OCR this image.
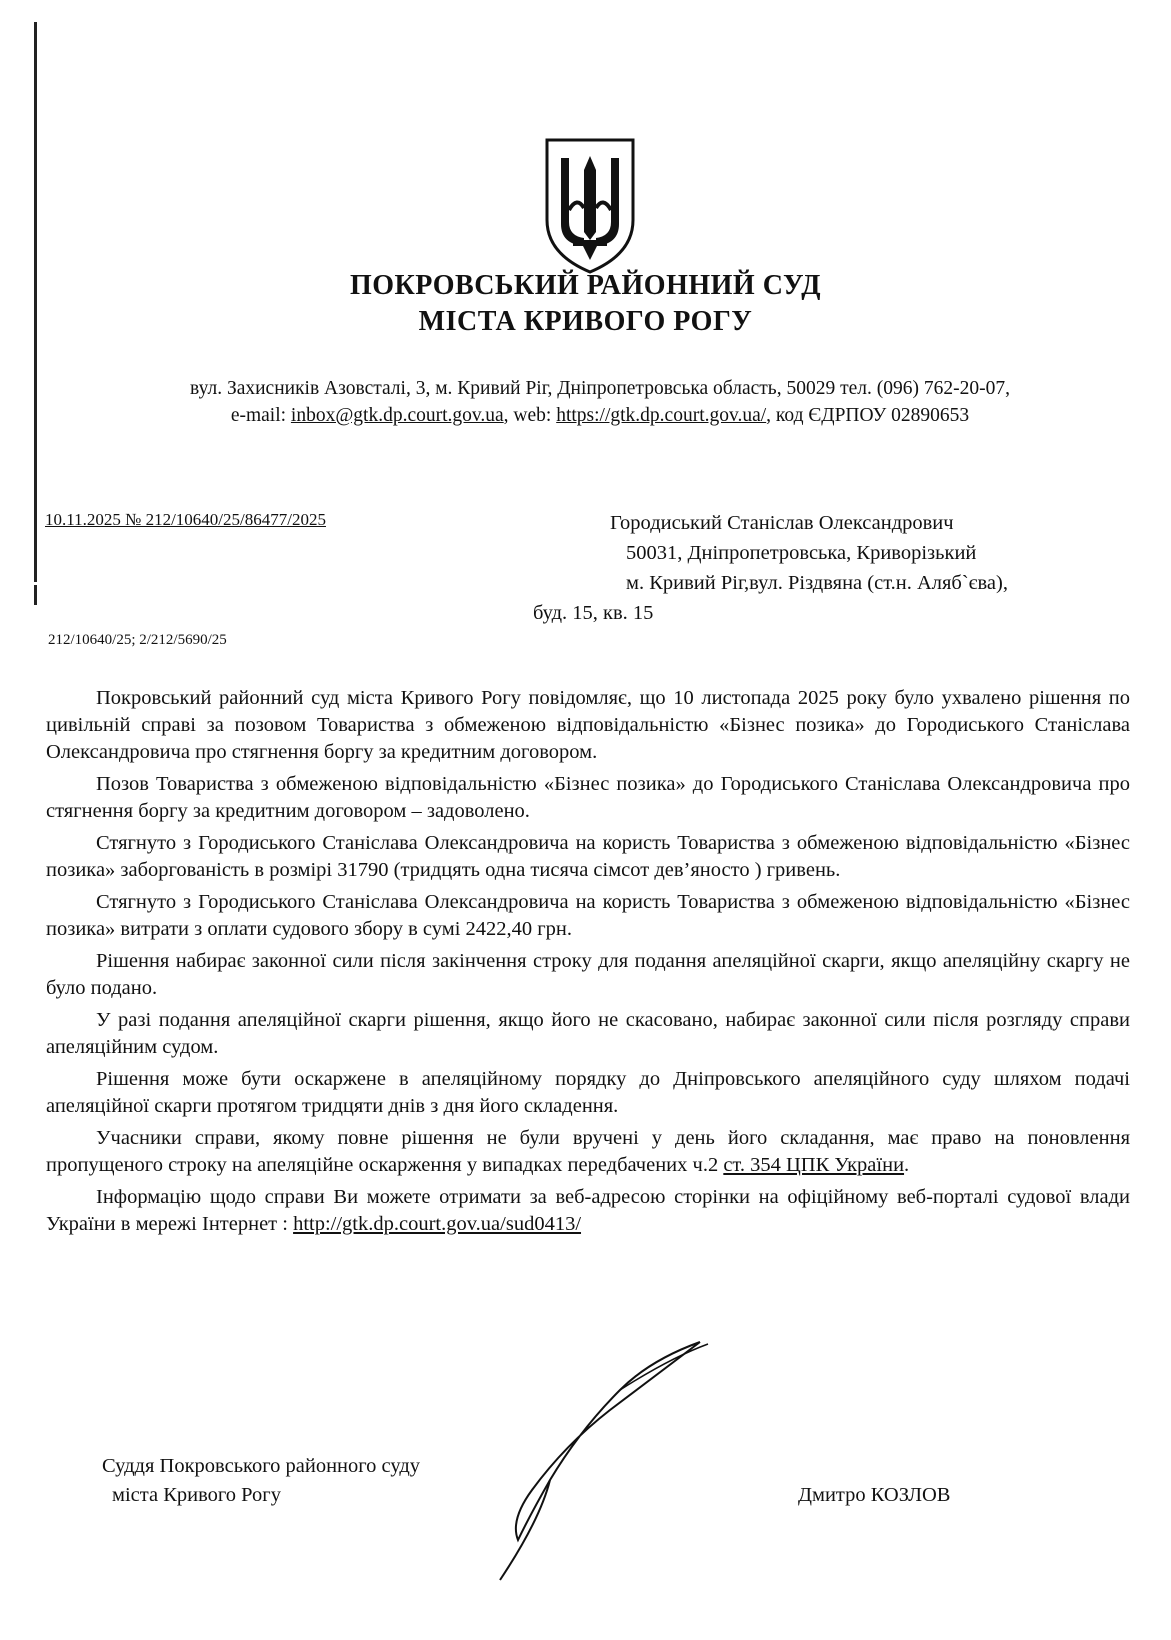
ПОКРОВСЬКИЙ РАЙОННИЙ СУД
МІСТА КРИВОГО РОГУ
вул. Захисників Азовсталі, 3, м. Кривий Ріг, Дніпропетровська область, 50029 тел. (096) 762-20-07,
e-mail: inbox@gtk.dp.court.gov.ua, web: https://gtk.dp.court.gov.ua/, код ЄДРПОУ 02890653
10.11.2025 № 212/10640/25/86477/2025
212/10640/25; 2/212/5690/25
Городиський Станіслав Олександрович
50031, Дніпропетровська, Криворізький
м. Кривий Ріг,вул. Різдвяна (ст.н. Аляб`єва),
буд. 15, кв. 15

Покровський районний суд міста Кривого Рогу повідомляє, що 10 листопада 2025 року було ухвалено рішення по цивільній справі за позовом Товариства з обмеженою відповідальністю «Бізнес позика» до Городиського Станіслава Олександровича про стягнення боргу за кредитним договором.

Позов Товариства з обмеженою відповідальністю «Бізнес позика» до Городиського Станіслава Олександровича про стягнення боргу за кредитним договором – задоволено.

Стягнуто з Городиського Станіслава Олександровича на користь Товариства з обмеженою відповідальністю «Бізнес позика» заборгованість в розмірі 31790 (тридцять одна тисяча сімсот дев’яносто ) гривень.

Стягнуто з Городиського Станіслава Олександровича на користь Товариства з обмеженою відповідальністю «Бізнес позика» витрати з оплати судового збору в сумі 2422,40 грн.

Рішення набирає законної сили після закінчення строку для подання апеляційної скарги, якщо апеляційну скаргу не було подано.

У разі подання апеляційної скарги рішення, якщо його не скасовано, набирає законної сили після розгляду справи апеляційним судом.

Рішення може бути оскаржене в апеляційному порядку до Дніпровського апеляційного суду шляхом подачі апеляційної скарги протягом тридцяти днів з дня його складення.

Учасники справи, якому повне рішення не були вручені у день його складання, має право на поновлення пропущеного строку на апеляційне оскарження у випадках передбачених ч.2 ст. 354 ЦПК України.

Інформацію щодо справи Ви можете отримати за веб-адресою сторінки на офіційному веб-порталі судової влади України в мережі Інтернет : http://gtk.dp.court.gov.ua/sud0413/

Суддя Покровського районного суду
міста Кривого Рогу	Дмитро КОЗЛОВ
